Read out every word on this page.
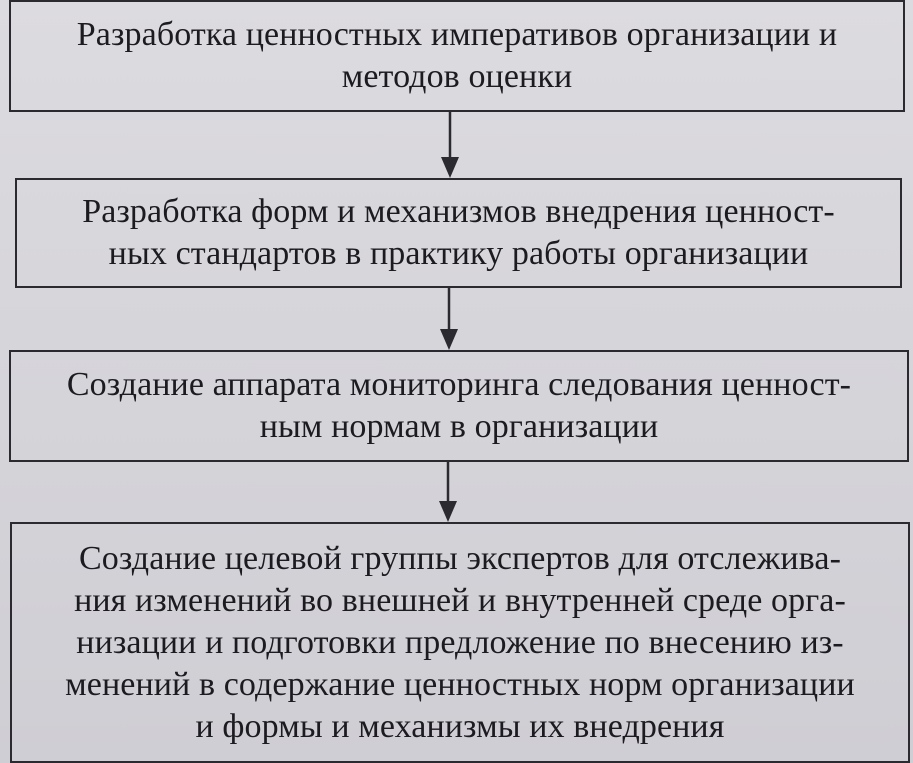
Разработка ценностных императивов организации и
методов оценки
Разработка форм и механизмов внедрения ценност-
ных стандартов в практику работы организации
Создание аппарата мониторинга следования ценност-
ным нормам в организации
Создание целевой группы экспертов для отслежива-
ния изменений во внешней и внутренней среде орга-
низации и подготовки предложение по внесению из-
менений в содержание ценностных норм организации
и формы и механизмы их внедрения
